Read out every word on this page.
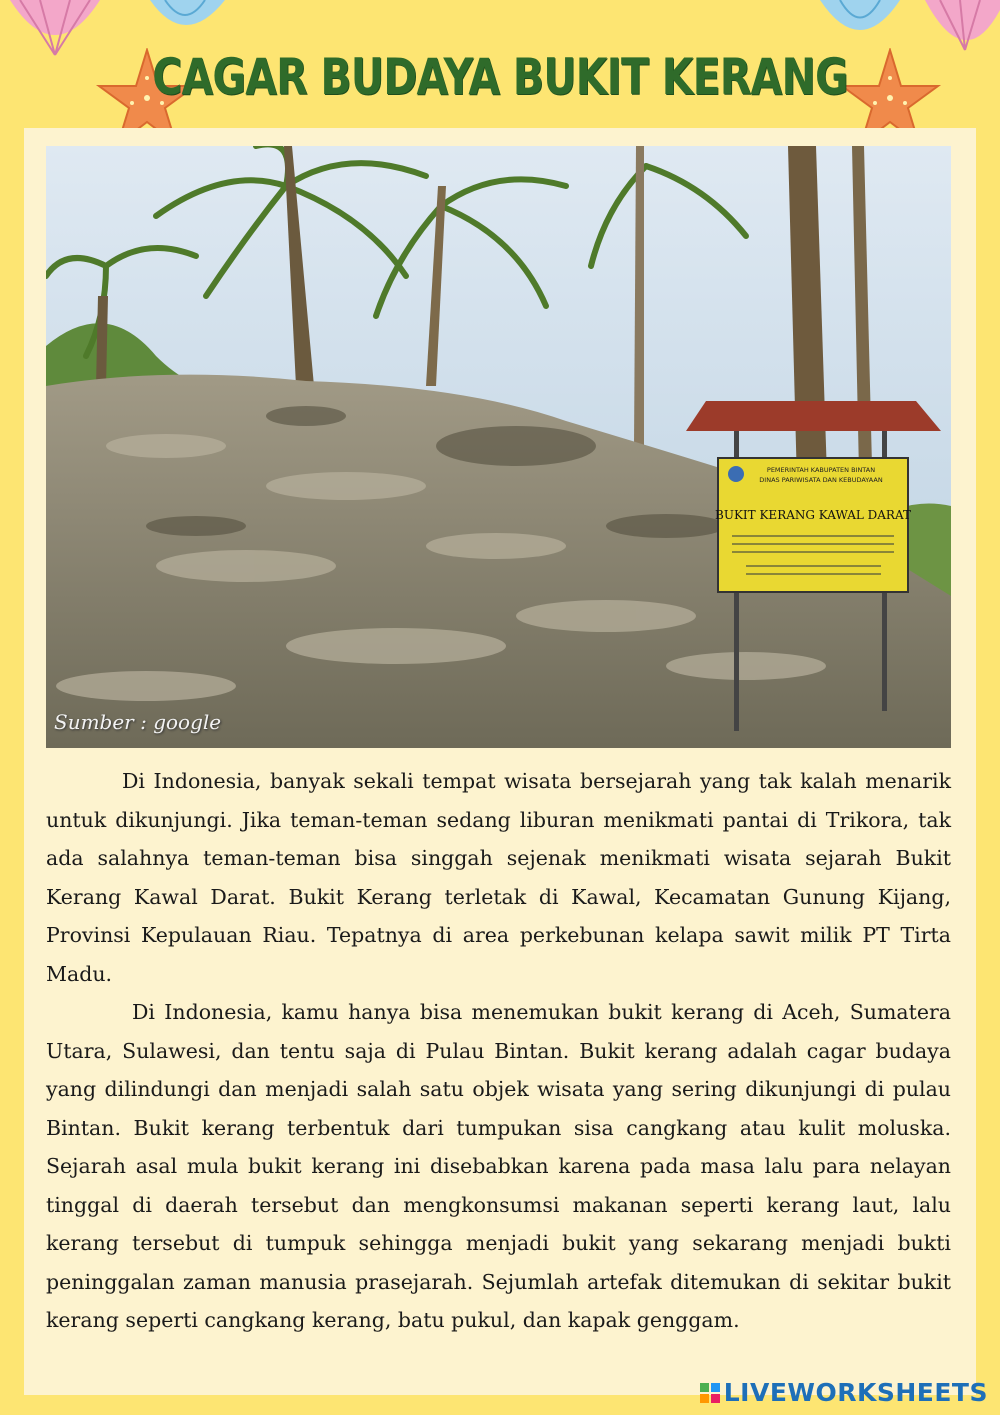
CAGAR BUDAYA BUKIT KERANG
PEMERINTAH KABUPATEN BINTAN
DINAS PARIWISATA DAN KEBUDAYAAN
BUKIT KERANG KAWAL DARAT
Sumber : google

Di Indonesia, banyak sekali tempat wisata bersejarah yang tak kalah menarik untuk dikunjungi. Jika teman-teman sedang liburan menikmati pantai di Trikora, tak ada salahnya teman-teman bisa singgah sejenak menikmati wisata sejarah Bukit Kerang Kawal Darat. Bukit Kerang terletak di Kawal, Kecamatan Gunung Kijang, Provinsi Kepulauan Riau. Tepatnya di area perkebunan kelapa sawit milik PT Tirta Madu.

Di Indonesia, kamu hanya bisa menemukan bukit kerang di Aceh, Sumatera Utara, Sulawesi, dan tentu saja di Pulau Bintan. Bukit kerang adalah cagar budaya yang dilindungi dan menjadi salah satu objek wisata yang sering dikunjungi di pulau Bintan. Bukit kerang terbentuk dari tumpukan sisa cangkang atau kulit moluska. Sejarah asal mula bukit kerang ini disebabkan karena pada masa lalu para nelayan tinggal di daerah tersebut dan mengkonsumsi makanan seperti kerang laut, lalu kerang tersebut di tumpuk sehingga menjadi bukit yang sekarang menjadi bukti peninggalan zaman manusia prasejarah. Sejumlah artefak ditemukan di sekitar bukit kerang seperti cangkang kerang, batu pukul, dan kapak genggam.

LIVEWORKSHEETS
